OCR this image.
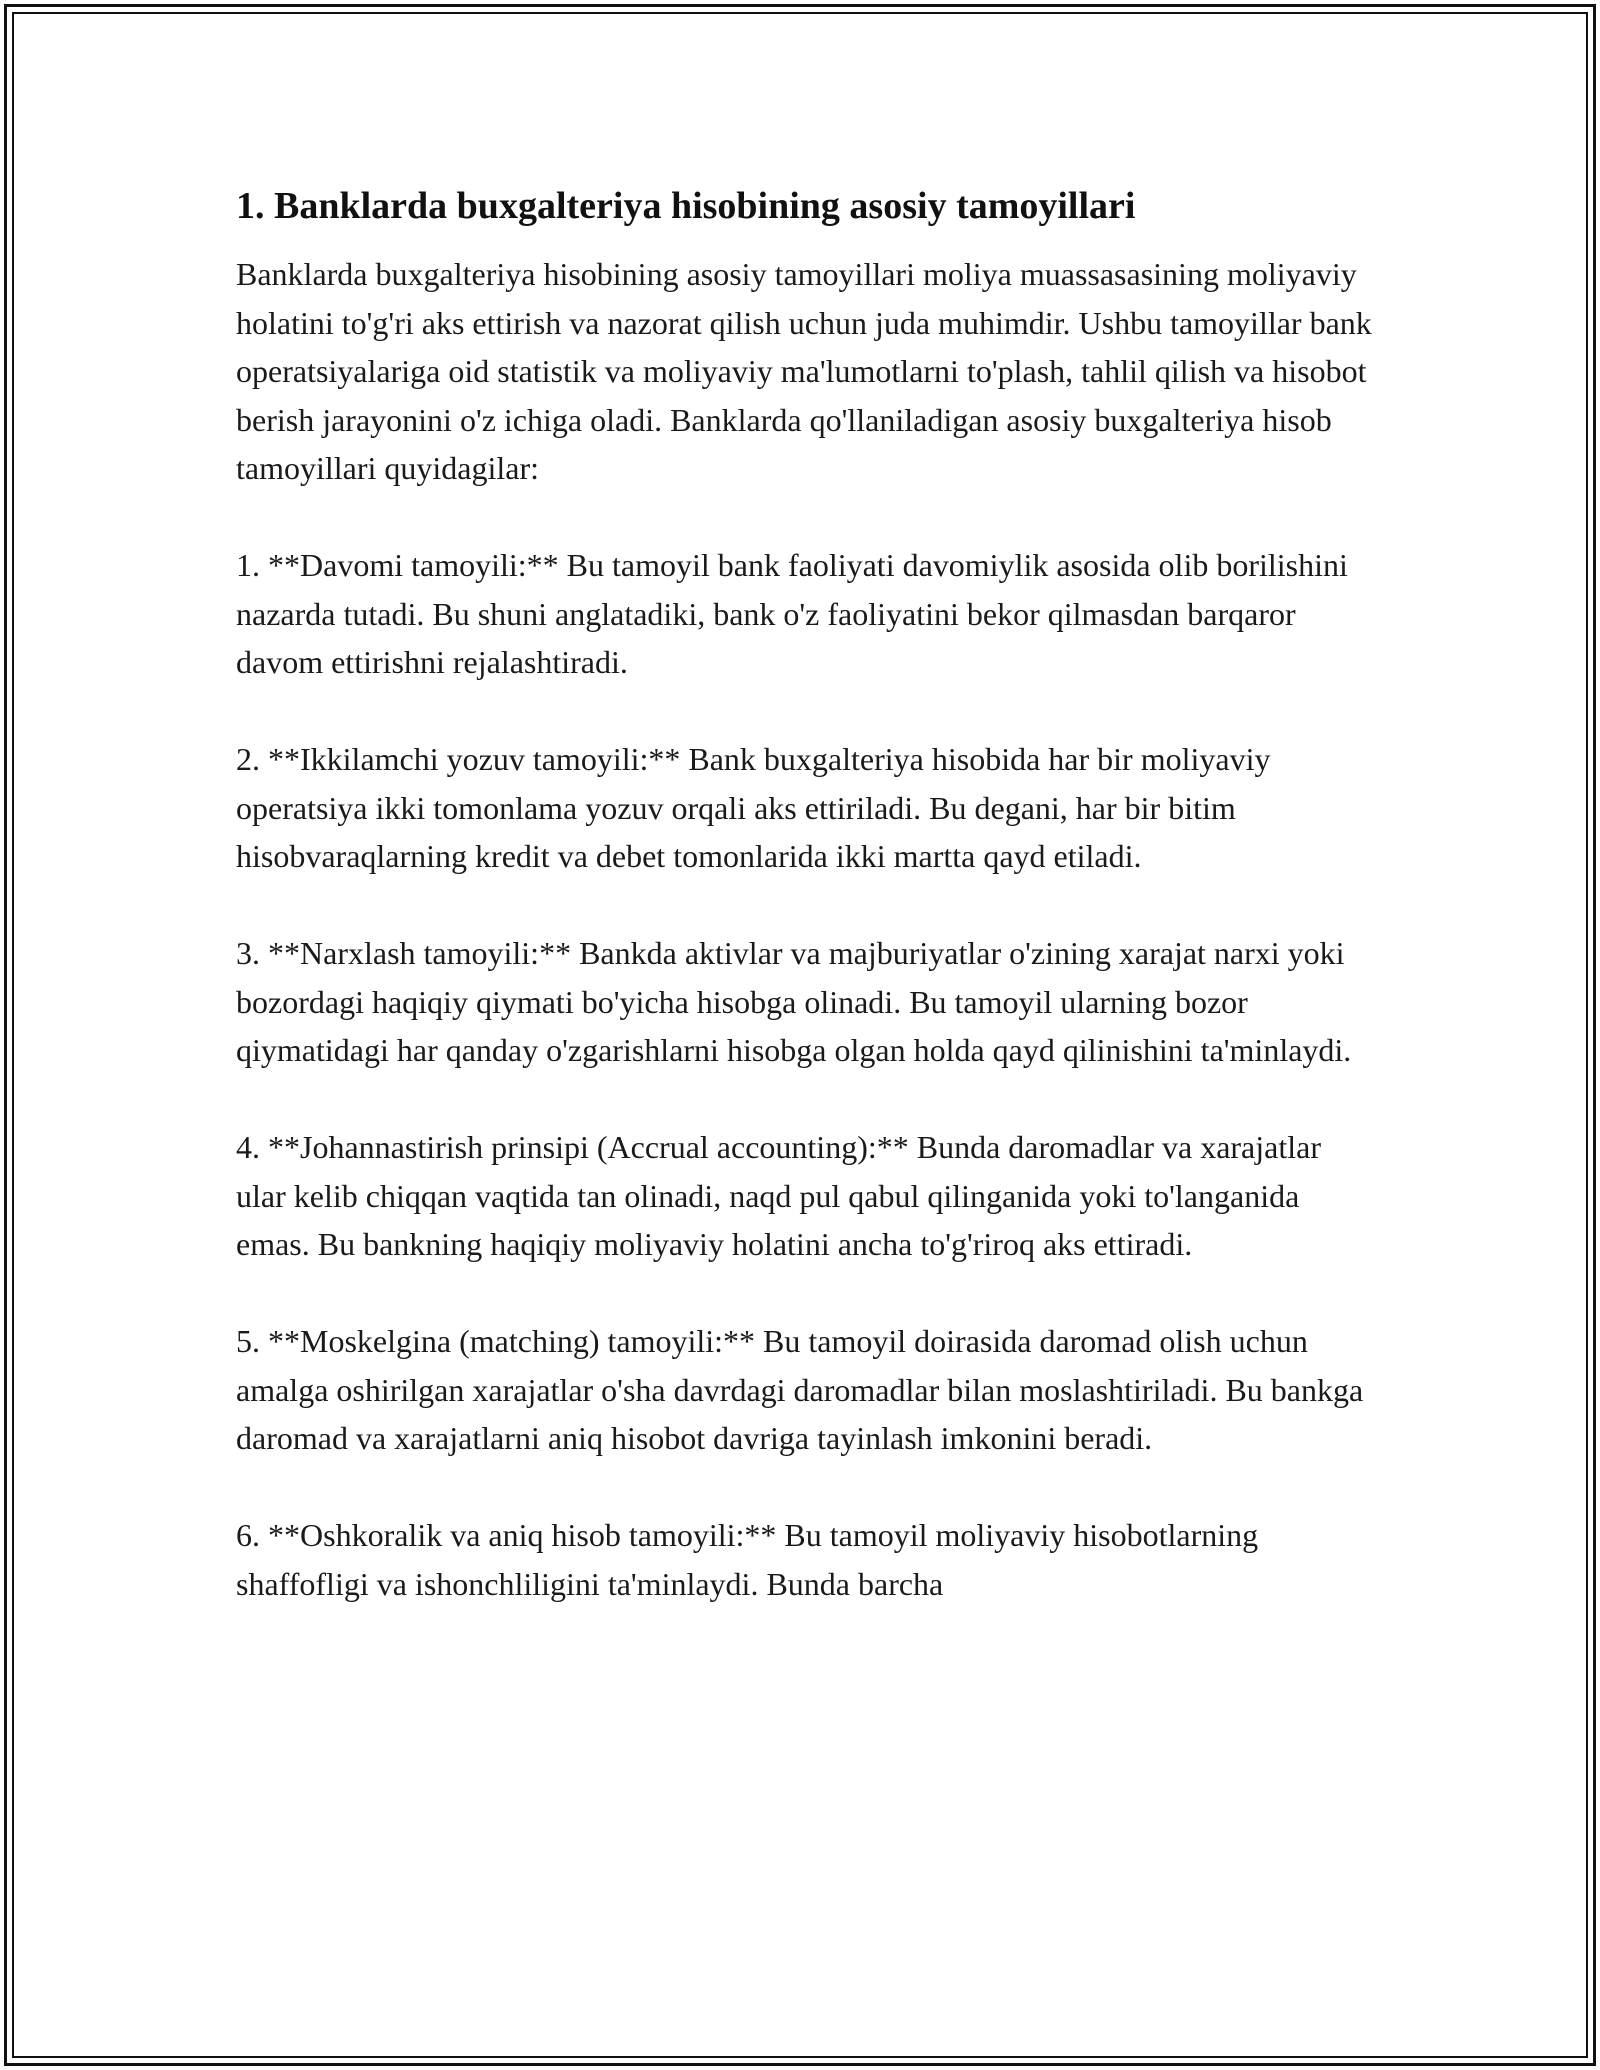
1. Banklarda buxgalteriya hisobining asosiy tamoyillari

Banklarda buxgalteriya hisobining asosiy tamoyillari moliya muassasasining moliyaviy holatini to'g'ri aks ettirish va nazorat qilish uchun juda muhimdir. Ushbu tamoyillar bank operatsiyalariga oid statistik va moliyaviy ma'lumotlarni to'plash, tahlil qilish va hisobot berish jarayonini o'z ichiga oladi. Banklarda qo'llaniladigan asosiy buxgalteriya hisob tamoyillari quyidagilar:

1. **Davomi tamoyili:** Bu tamoyil bank faoliyati davomiylik asosida olib borilishini nazarda tutadi. Bu shuni anglatadiki, bank o'z faoliyatini bekor qilmasdan barqaror davom ettirishni rejalashtiradi.

2. **Ikkilamchi yozuv tamoyili:** Bank buxgalteriya hisobida har bir moliyaviy operatsiya ikki tomonlama yozuv orqali aks ettiriladi. Bu degani, har bir bitim hisobvaraqlarning kredit va debet tomonlarida ikki martta qayd etiladi.

3. **Narxlash tamoyili:** Bankda aktivlar va majburiyatlar o'zining xarajat narxi yoki bozordagi haqiqiy qiymati bo'yicha hisobga olinadi. Bu tamoyil ularning bozor qiymatidagi har qanday o'zgarishlarni hisobga olgan holda qayd qilinishini ta'minlaydi.

4. **Johannastirish prinsipi (Accrual accounting):** Bunda daromadlar va xarajatlar ular kelib chiqqan vaqtida tan olinadi, naqd pul qabul qilinganida yoki to'langanida emas. Bu bankning haqiqiy moliyaviy holatini ancha to'g'riroq aks ettiradi.

5. **Moskelgina (matching) tamoyili:** Bu tamoyil doirasida daromad olish uchun amalga oshirilgan xarajatlar o'sha davrdagi daromadlar bilan moslashtiriladi. Bu bankga daromad va xarajatlarni aniq hisobot davriga tayinlash imkonini beradi.

6. **Oshkoralik va aniq hisob tamoyili:** Bu tamoyil moliyaviy hisobotlarning shaffofligi va ishonchliligini ta'minlaydi. Bunda barcha
